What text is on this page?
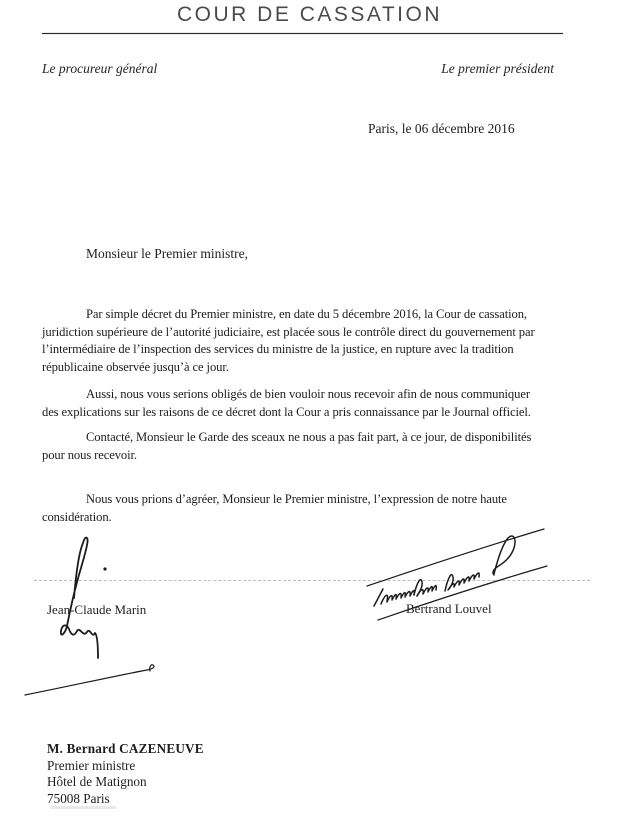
COUR DE CASSATION
Le procureur général	Le premier président
Paris, le 06 décembre 2016
Monsieur le Premier ministre,
Par simple décret du Premier ministre, en date du 5 décembre 2016, la Cour de cassation,
juridiction supérieure de l’autorité judiciaire, est placée sous le contrôle direct du gouvernement par
l’intermédiaire de l’inspection des services du ministre de la justice, en rupture avec la tradition
républicaine observée jusqu’à ce jour.
Aussi, nous vous serions obligés de bien vouloir nous recevoir afin de nous communiquer
des explications sur les raisons de ce décret dont la Cour a pris connaissance par le Journal officiel.
Contacté, Monsieur le Garde des sceaux ne nous a pas fait part, à ce jour, de disponibilités
pour nous recevoir.
Nous vous prions d’agréer, Monsieur le Premier ministre, l’expression de notre haute
considération.
Jean-Claude Marin	Bertrand Louvel
M. Bernard CAZENEUVE
Premier ministre
Hôtel de Matignon
75008 Paris
